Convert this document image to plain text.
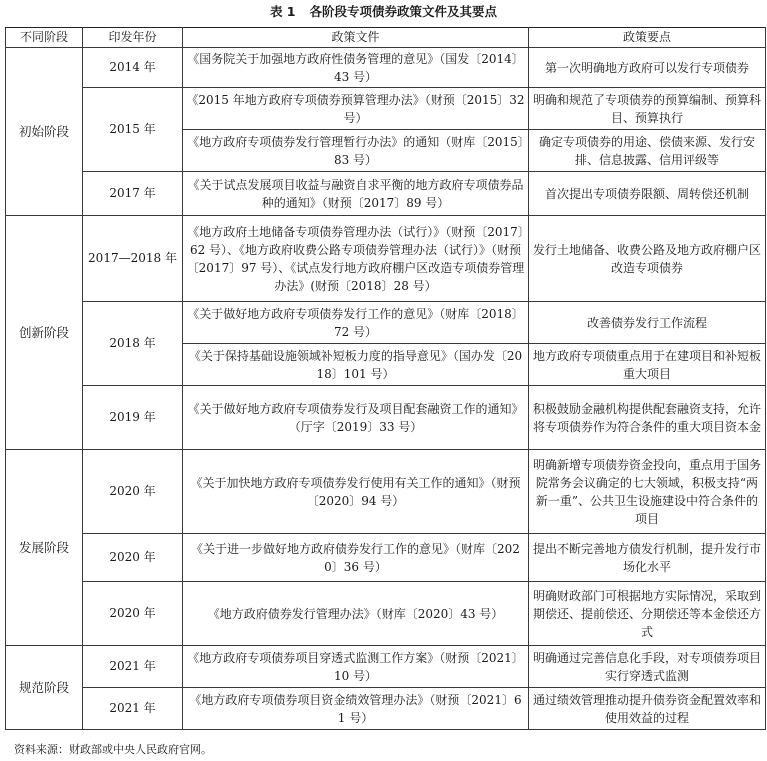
表 1 各阶段专项债券政策文件及其要点
不同阶段	印发年份	政策文件	政策要点
初始阶段	2014 年	《国务院关于加强地方政府性债务管理的意见》（国发〔2014〕43 号）	第一次明确地方政府可以发行专项债券
	2015 年	《2015 年地方政府专项债券预算管理办法》（财预〔2015〕32 号）	明确和规范了专项债券的预算编制、预算科目、预算执行
		《地方政府专项债券发行管理暂行办法》的通知（财库〔2015〕83 号）	确定专项债券的用途、偿债来源、发行安排、信息披露、信用评级等
	2017 年	《关于试点发展项目收益与融资自求平衡的地方政府专项债券品种的通知》（财预〔2017〕89 号）	首次提出专项债券限额、周转偿还机制
创新阶段	2017—2018 年	《地方政府土地储备专项债券管理办法（试行）》（财预〔2017〕62 号）、《地方政府收费公路专项债券管理办法（试行）》（财预〔2017〕97 号）、《试点发行地方政府棚户区改造专项债券管理办法》(财预〔2018〕28 号）	发行土地储备、收费公路及地方政府棚户区改造专项债券
	2018 年	《关于做好地方政府专项债券发行工作的意见》（财库〔2018〕72 号）	改善债券发行工作流程
		《关于保持基础设施领域补短板力度的指导意见》（国办发〔2018〕101 号）	地方政府专项债重点用于在建项目和补短板重大项目
	2019 年	《关于做好地方政府专项债券发行及项目配套融资工作的通知》（厅字〔2019〕33 号）	积极鼓励金融机构提供配套融资支持，允许将专项债券作为符合条件的重大项目资本金
发展阶段	2020 年	《关于加快地方政府专项债券发行使用有关工作的通知》（财预〔2020〕94 号）	明确新增专项债券资金投向，重点用于国务院常务会议确定的七大领域，积极支持“两新一重”、公共卫生设施建设中符合条件的项目
	2020 年	《关于进一步做好地方政府债券发行工作的意见》（财库〔2020〕36 号）	提出不断完善地方债发行机制，提升发行市场化水平
	2020 年	《地方政府债券发行管理办法》（财库〔2020〕43 号）	明确财政部门可根据地方实际情况，采取到期偿还、提前偿还、分期偿还等本金偿还方式
规范阶段	2021 年	《地方政府专项债券项目穿透式监测工作方案》（财预〔2021〕10 号）	明确通过完善信息化手段，对专项债券项目实行穿透式监测
	2021 年	《地方政府专项债券项目资金绩效管理办法》（财预〔2021〕61 号）	通过绩效管理推动提升债券资金配置效率和使用效益的过程
资料来源：财政部或中央人民政府官网。
